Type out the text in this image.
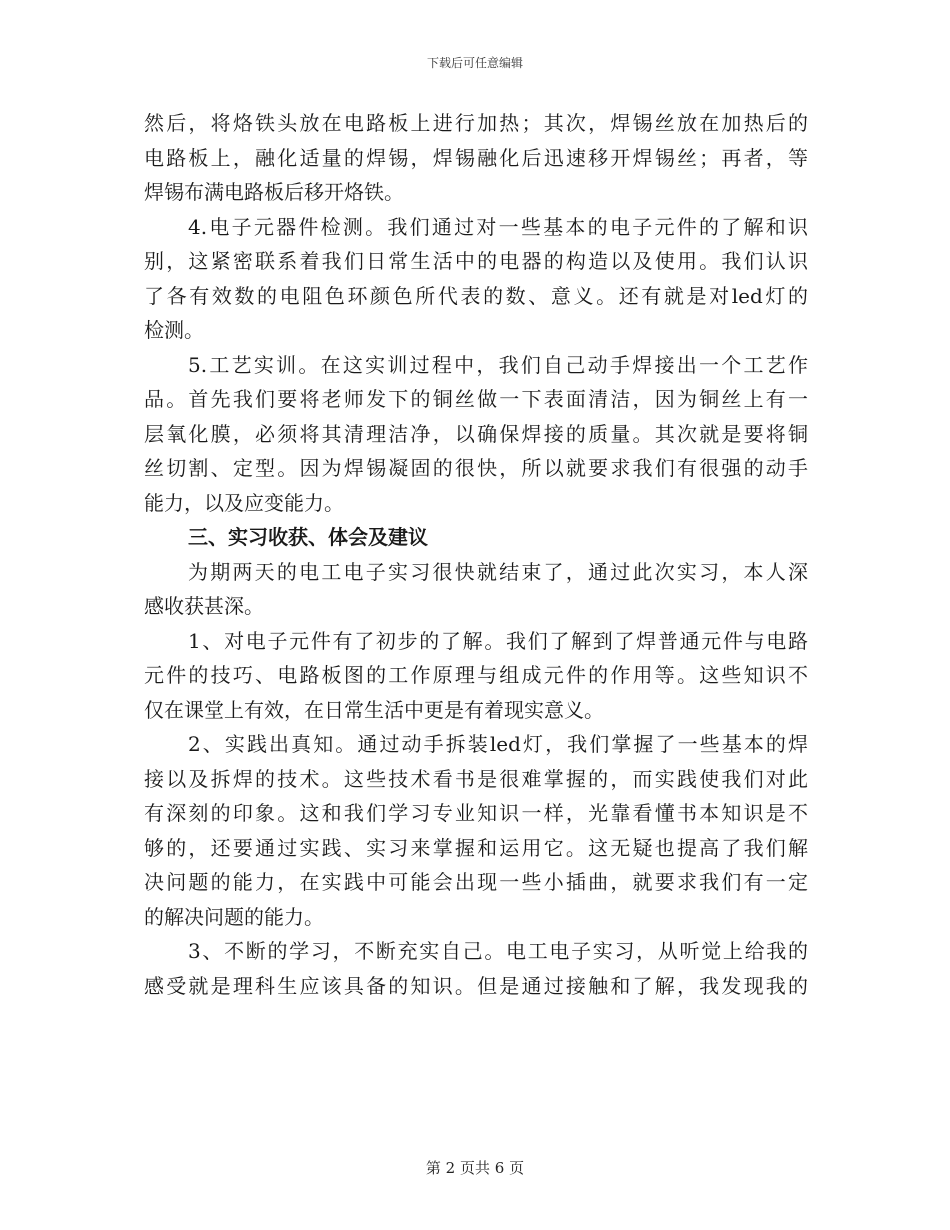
下载后可任意编辑
然后，将烙铁头放在电路板上进行加热；其次，焊锡丝放在加热后的
电路板上，融化适量的焊锡，焊锡融化后迅速移开焊锡丝；再者，等
焊锡布满电路板后移开烙铁。
4.电子元器件检测。我们通过对一些基本的电子元件的了解和识
别，这紧密联系着我们日常生活中的电器的构造以及使用。我们认识
了各有效数的电阻色环颜色所代表的数、意义。还有就是对led灯的
检测。
5.工艺实训。在这实训过程中，我们自己动手焊接出一个工艺作
品。首先我们要将老师发下的铜丝做一下表面清洁，因为铜丝上有一
层氧化膜，必须将其清理洁净，以确保焊接的质量。其次就是要将铜
丝切割、定型。因为焊锡凝固的很快，所以就要求我们有很强的动手
能力，以及应变能力。
三、实习收获、体会及建议
为期两天的电工电子实习很快就结束了，通过此次实习，本人深
感收获甚深。
1、对电子元件有了初步的了解。我们了解到了焊普通元件与电路
元件的技巧、电路板图的工作原理与组成元件的作用等。这些知识不
仅在课堂上有效，在日常生活中更是有着现实意义。
2、实践出真知。通过动手拆装led灯，我们掌握了一些基本的焊
接以及拆焊的技术。这些技术看书是很难掌握的，而实践使我们对此
有深刻的印象。这和我们学习专业知识一样，光靠看懂书本知识是不
够的，还要通过实践、实习来掌握和运用它。这无疑也提高了我们解
决问题的能力，在实践中可能会出现一些小插曲，就要求我们有一定
的解决问题的能力。
3、不断的学习，不断充实自己。电工电子实习，从听觉上给我的
感受就是理科生应该具备的知识。但是通过接触和了解，我发现我的
第 2 页共 6 页
